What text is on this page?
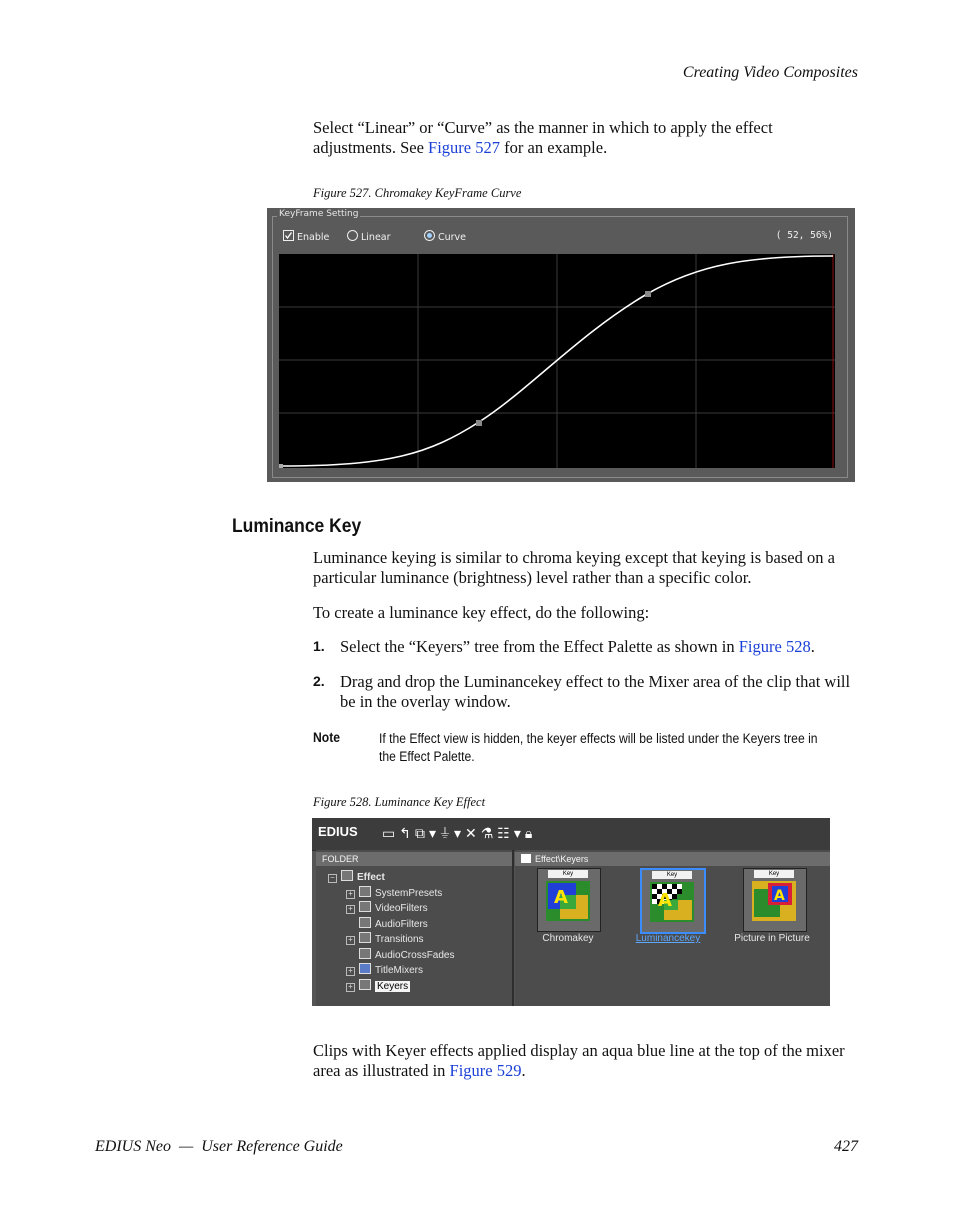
Creating Video Composites
Select “Linear” or “Curve” as the manner in which to apply the effect adjustments. See Figure 527 for an example.
Figure 527. Chromakey KeyFrame Curve
KeyFrame Setting
Enable	Linear	Curve	( 52, 56%)
Luminance Key
Luminance keying is similar to chroma keying except that keying is based on a particular luminance (brightness) level rather than a specific color.
To create a luminance key effect, do the following:
1. Select the “Keyers” tree from the Effect Palette as shown in Figure 528.
2. Drag and drop the Luminancekey effect to the Mixer area of the clip that will be in the overlay window.
Note	If the Effect view is hidden, the keyer effects will be listed under the Keyers tree in the Effect Palette.
Figure 528. Luminance Key Effect
EDIUS ▭↰⧉▾⏚▾✕⚗☷▾🔒︎
FOLDER
− Effect
+ SystemPresets
+ VideoFilters
AudioFilters
+ Transitions
AudioCrossFades
+ TitleMixers
+ Keyers
Effect\Keyers
Key
A
Key
A
Key
A
Chromakey	Luminancekey	Picture in Picture
Clips with Keyer effects applied display an aqua blue line at the top of the mixer area as illustrated in Figure 529.
EDIUS Neo  —  User Reference Guide	427
